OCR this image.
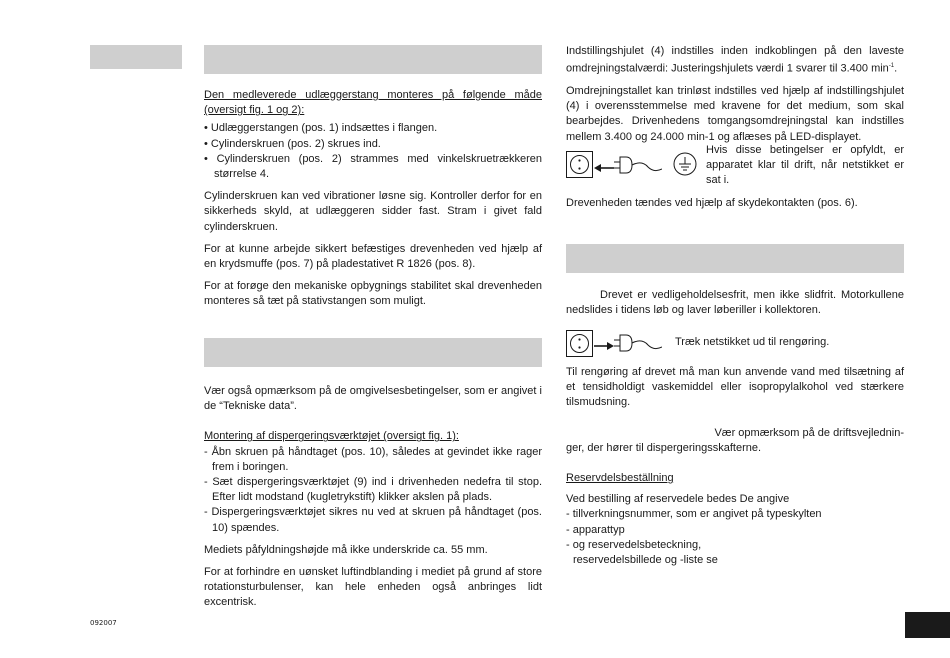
092007

Den medleverede udlæggerstang monteres på følgende måde (oversigt fig. 1 og 2):

• Udlæggerstangen (pos. 1) indsættes i flangen.

• Cylinderskruen (pos. 2) skrues ind.

• Cylinderskruen (pos. 2) strammes med vinkelskruetrækkeren størrelse 4.

Cylinderskruen kan ved vibrationer løsne sig. Kontroller derfor for en sikkerheds skyld, at udlæggeren sidder fast. Stram i givet fald cylinderskruen.

For at kunne arbejde sikkert befæstiges drevenheden ved hjælp af en krydsmuffe (pos. 7) på pladestativet R 1826 (pos. 8).

For at forøge den mekaniske opbygnings stabilitet skal drevenheden monteres så tæt på stativstangen som muligt.

Vær også opmærksom på de omgivelsesbetingelser, som er angivet i de “Tekniske data”.

Montering af dispergeringsværktøjet (oversigt fig. 1):

- Åbn skruen på håndtaget (pos. 10), således at gevindet ikke rager frem i boringen.

- Sæt dispergeringsværktøjet (9) ind i drivenheden nedefra til stop. Efter lidt modstand (kugletrykstift) klikker akslen på plads.

- Dispergeringsværktøjet sikres nu ved at skruen på håndtaget (pos. 10) spændes.

Mediets påfyldningshøjde må ikke underskride ca. 55 mm.

For at forhindre en uønsket luftindblanding i mediet på grund af store rotationsturbulenser, kan hele enheden også anbringes lidt excentrisk.

Indstillingshjulet (4) indstilles inden indkoblingen på den laveste omdrejningstalværdi: Justeringshjulets værdi 1 svarer til 3.400 $\min^{-1}$.

Omdrejningstallet kan trinløst indstilles ved hjælp af indstillingshjulet (4) i overensstemmelse med kravene for det medium, som skal bearbejdes. Drivenhedens tomgangsomdrejningstal kan indstilles mellem 3.400 og 24.000 min-1 og aflæses på LED-displayet.

Hvis disse betingelser er opfyldt, er apparatet klar til drift, når netstikket er sat i.
Drevenheden tændes ved hjælp af skydekontakten (pos. 6).
Drevet er vedligeholdelsesfrit, men ikke slidfrit. Motorkullene nedslides i tidens løb og laver løberiller i kollektoren.
Træk netstikket ud til rengøring.

Til rengøring af drevet må man kun anvende vand med tilsætning af et tensidholdigt vaskemiddel eller isopropylalkohol ved stærkere tilsmudsning.

Vær opmærksom på de driftsvejlednin-

ger, der hører til dispergeringsskafterne.

Reservdelsbeställning

Ved bestilling af reservedele bedes De angive

- tillverkningsnummer, som er angivet på typeskylten

- apparattyp

- og reservedelsbeteckning,

reservedelsbillede og -liste se
